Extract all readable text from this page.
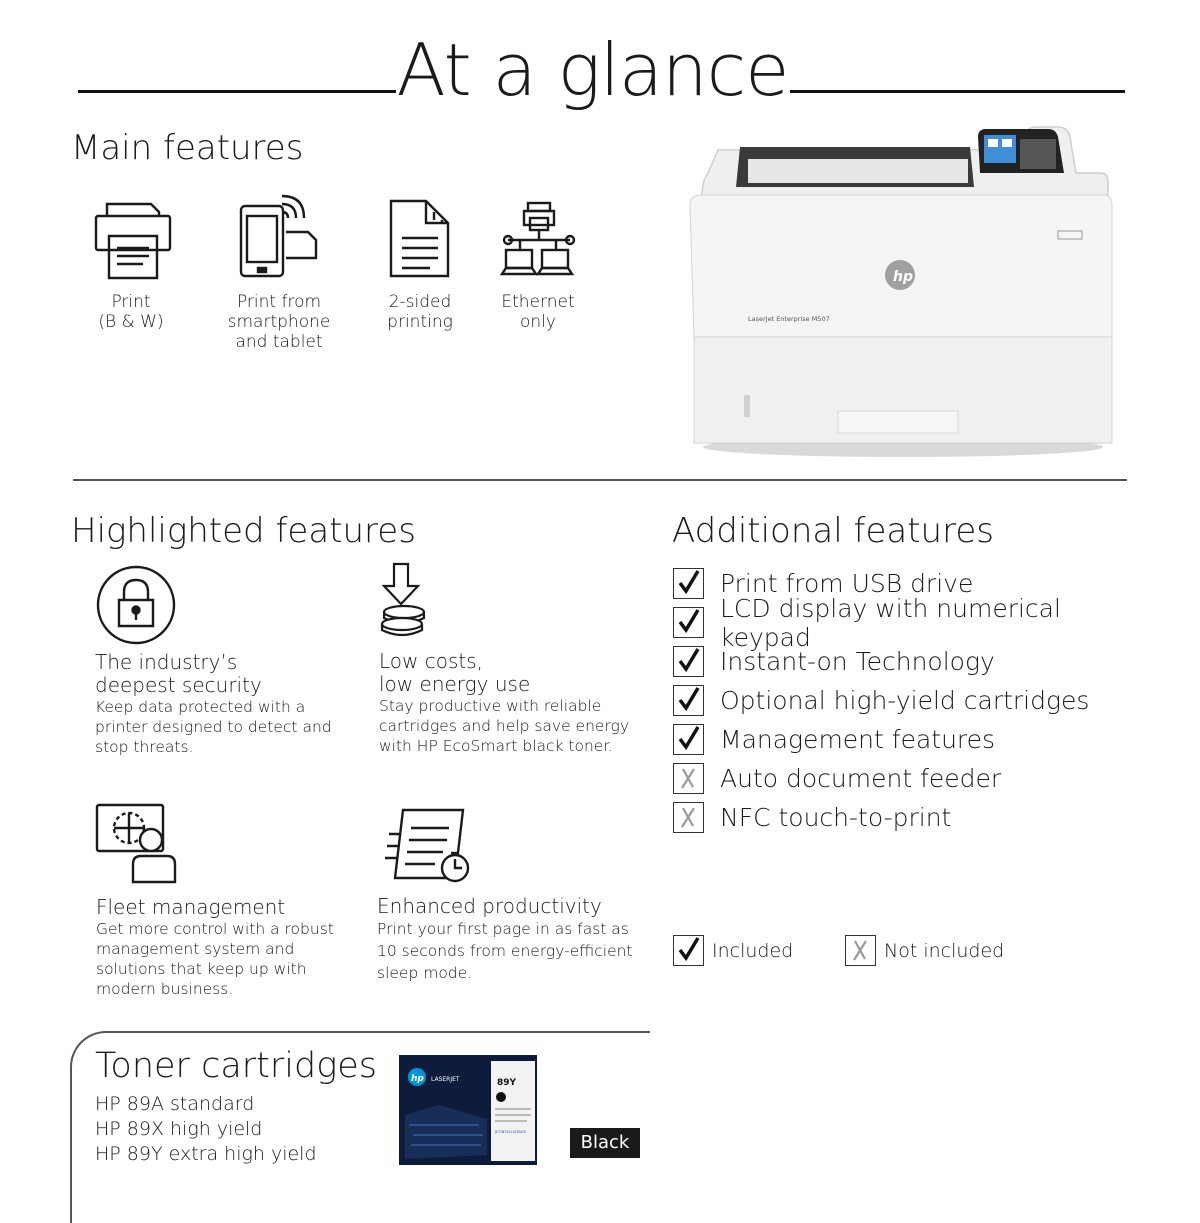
At a glance
Main features
Print
(B & W)
Print from
smartphone
and tablet
2-sided
printing
Ethernet
only
hp
LaserJet Enterprise M507
Highlighted features
The industry’s
deepest security
Keep data protected with a
printer designed to detect and
stop threats.
Low costs,
low energy use
Stay productive with reliable
cartridges and help save energy
with HP EcoSmart black toner.
Fleet management
Get more control with a robust
management system and
solutions that keep up with
modern business.
Enhanced productivity
Print your first page in as fast as
10 seconds from energy-efficient
sleep mode.
Additional features
Print from USB drive
LCD display with numerical keypad
Instant-on Technology
Optional high-yield cartridges
Management features
Auto document feeder
NFC touch-to-print
Included	Not included
Toner cartridges
HP 89A standard
HP 89X high yield
HP 89Y extra high yield
hp LASERJET	89Y
JETINTELLIGENCE	Black
